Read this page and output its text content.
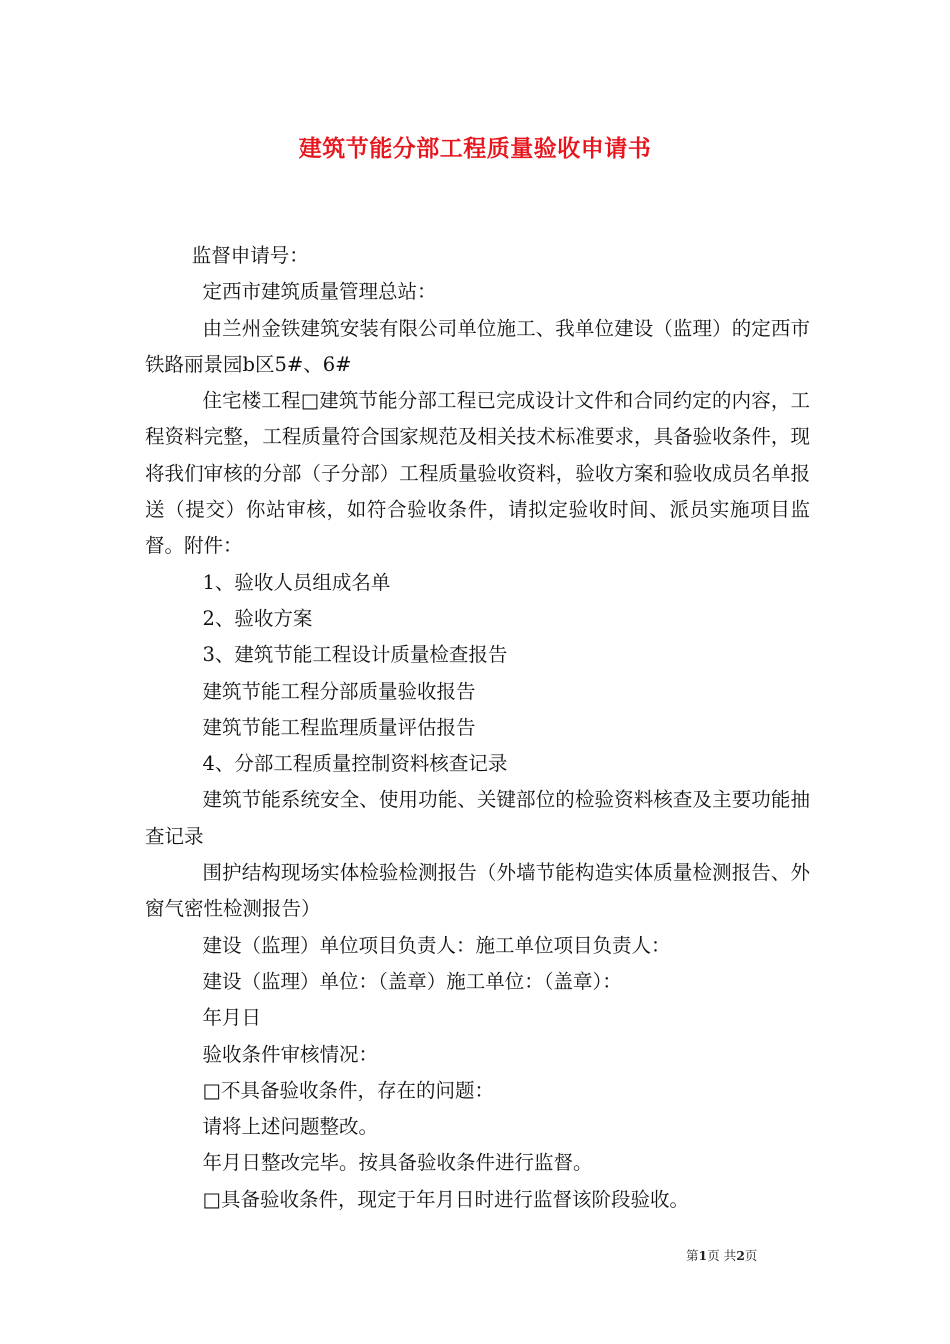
建筑节能分部工程质量验收申请书

监督申请号：

定西市建筑质量管理总站：

由兰州金铁建筑安装有限公司单位施工、我单位建设（监理）的定西市铁路丽景园b区5#、6#

住宅楼工程□建筑节能分部工程已完成设计文件和合同约定的内容，工程资料完整，工程质量符合国家规范及相关技术标准要求，具备验收条件，现将我们审核的分部（子分部）工程质量验收资料，验收方案和验收成员名单报送（提交）你站审核，如符合验收条件，请拟定验收时间、派员实施项目监督。附件：

1、验收人员组成名单

2、验收方案

3、建筑节能工程设计质量检查报告

建筑节能工程分部质量验收报告

建筑节能工程监理质量评估报告

4、分部工程质量控制资料核查记录

建筑节能系统安全、使用功能、关键部位的检验资料核查及主要功能抽查记录

围护结构现场实体检验检测报告（外墙节能构造实体质量检测报告、外窗气密性检测报告）

建设（监理）单位项目负责人：施工单位项目负责人：

建设（监理）单位：（盖章）施工单位：（盖章）：

年月日

验收条件审核情况：

□不具备验收条件，存在的问题：

请将上述问题整改。

年月日整改完毕。按具备验收条件进行监督。

□具备验收条件，现定于年月日时进行监督该阶段验收。

第1页 共2页
